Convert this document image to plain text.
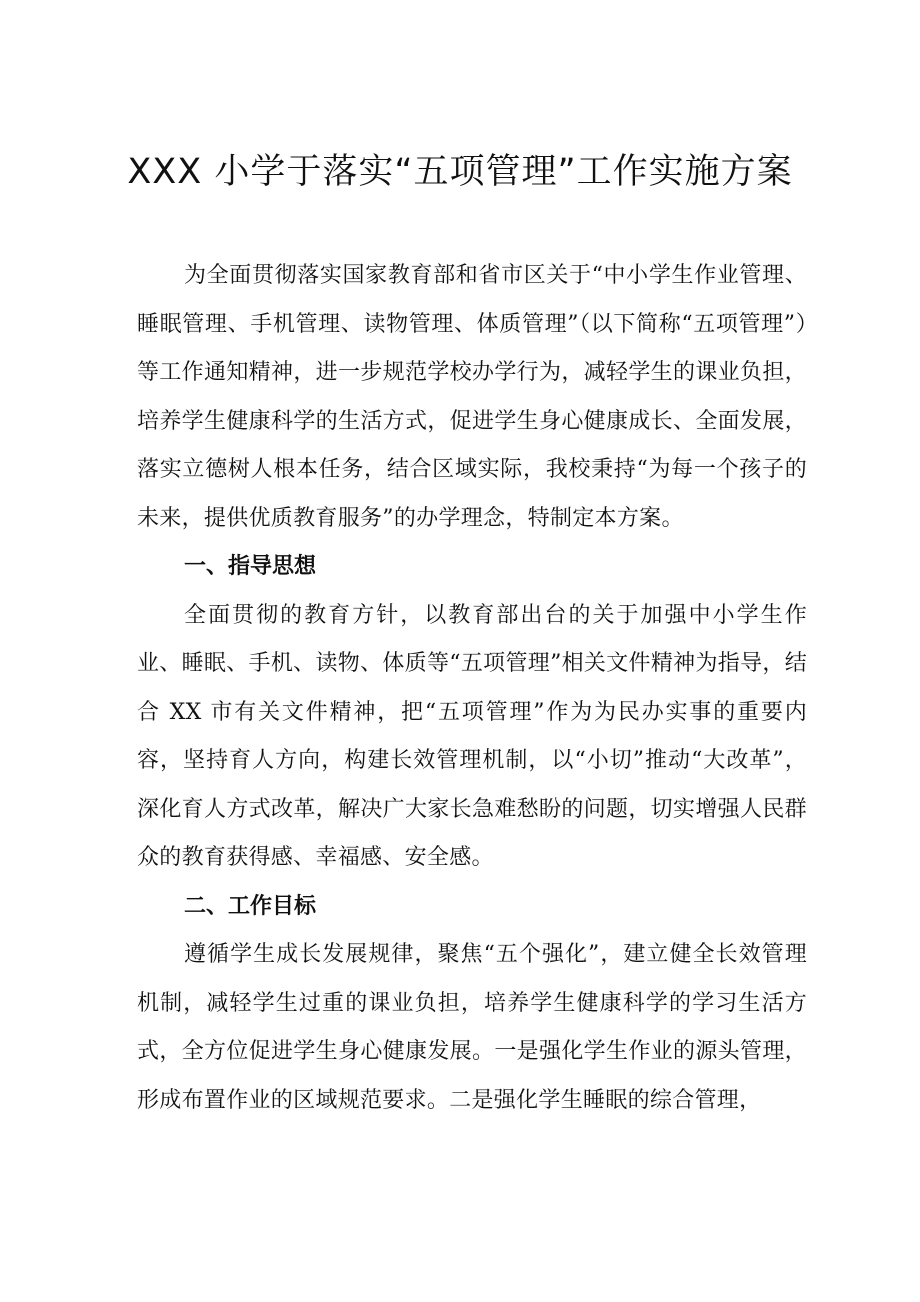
XXX 小学于落实“五项管理”工作实施方案

为全面贯彻落实国家教育部和省市区关于“中小学生作业管理、睡眠管理、手机管理、读物管理、体质管理”（以下简称“五项管理”）等工作通知精神，进一步规范学校办学行为，减轻学生的课业负担，培养学生健康科学的生活方式，促进学生身心健康成长、全面发展，落实立德树人根本任务，结合区域实际，我校秉持“为每一个孩子的未来，提供优质教育服务”的办学理念，特制定本方案。

一、指导思想

全面贯彻的教育方针，以教育部出台的关于加强中小学生作业、睡眠、手机、读物、体质等“五项管理”相关文件精神为指导，结合 XX 市有关文件精神，把“五项管理”作为为民办实事的重要内容，坚持育人方向，构建长效管理机制，以“小切”推动“大改革”，深化育人方式改革，解决广大家长急难愁盼的问题，切实增强人民群众的教育获得感、幸福感、安全感。

二、工作目标

遵循学生成长发展规律，聚焦“五个强化”，建立健全长效管理机制，减轻学生过重的课业负担，培养学生健康科学的学习生活方式，全方位促进学生身心健康发展。一是强化学生作业的源头管理，形成布置作业的区域规范要求。二是强化学生睡眠的综合管理，
